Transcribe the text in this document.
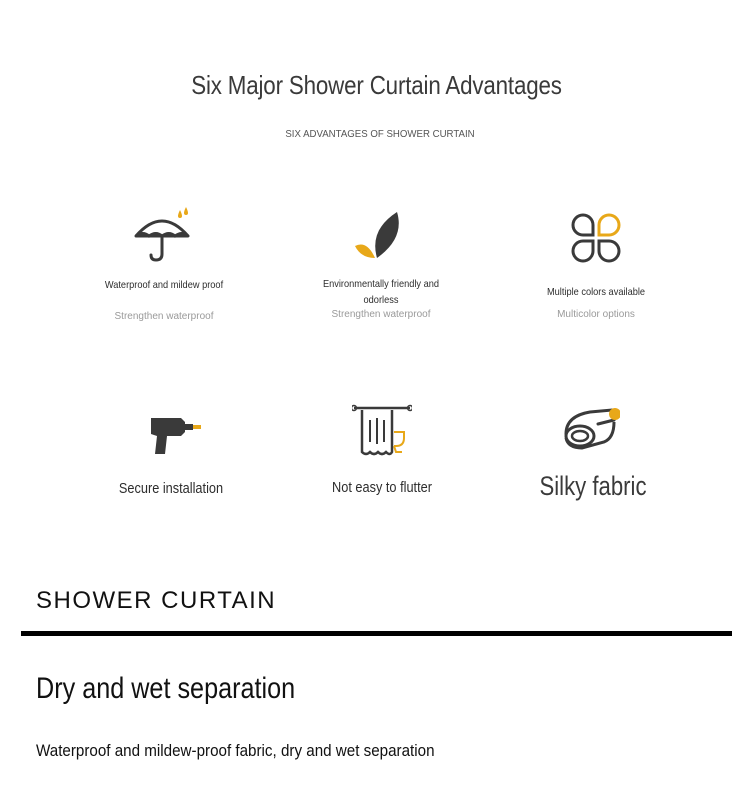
Six Major Shower Curtain Advantages
SIX ADVANTAGES OF SHOWER CURTAIN
Waterproof and mildew proof
Strengthen waterproof
Environmentally friendly and odorless
Strengthen waterproof
Multiple colors available
Multicolor options
Secure installation	Not easy to flutter	Silky fabric
SHOWER CURTAIN
Dry and wet separation
Waterproof and mildew-proof fabric, dry and wet separation
